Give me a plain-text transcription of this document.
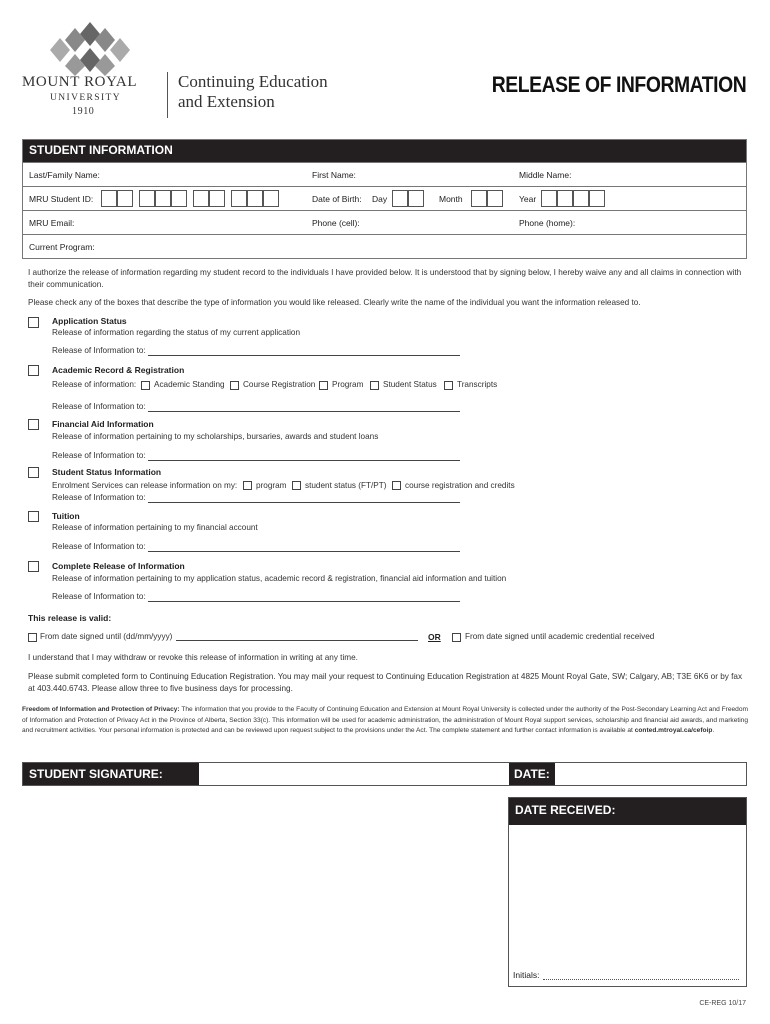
MOUNT ROYAL
UNIVERSITY
1910
Continuing Education
and Extension
RELEASE OF INFORMATION
STUDENT INFORMATION
Last/Family Name:	First Name:	Middle Name:
MRU Student ID:	Date of Birth: Day	Month	Year
MRU Email:	Phone (cell):	Phone (home):
Current Program:
I authorize the release of information regarding my student record to the individuals I have provided below. It is understood that by signing below, I hereby waive any and all claims in connection with their communication.
Please check any of the boxes that describe the type of information you would like released. Clearly write the name of the individual you want the information released to.
Application Status
Release of information regarding the status of my current application
Release of Information to:
Academic Record & Registration
Release of information: Academic Standing Course Registration Program Student Status Transcripts
Release of Information to:
Financial Aid Information
Release of information pertaining to my scholarships, bursaries, awards and student loans
Release of Information to:
Student Status Information
Enrolment Services can release information on my: program student status (FT/PT) course registration and credits
Release of Information to:
Tuition
Release of information pertaining to my financial account
Release of Information to:
Complete Release of Information
Release of information pertaining to my application status, academic record & registration, financial aid information and tuition
Release of Information to:
This release is valid:
From date signed until (dd/mm/yyyy)	OR	From date signed until academic credential received
I understand that I may withdraw or revoke this release of information in writing at any time.
Please submit completed form to Continuing Education Registration. You may mail your request to Continuing Education Registration at 4825 Mount Royal Gate, SW; Calgary, AB; T3E 6K6 or by fax at 403.440.6743. Please allow three to five business days for processing.
Freedom of Information and Protection of Privacy: The information that you provide to the Faculty of Continuing Education and Extension at Mount Royal University is collected under the authority of the Post-Secondary Learning Act and Freedom of Information and Protection of Privacy Act in the Province of Alberta, Section 33(c). This information will be used for academic administration, the administration of Mount Royal support services, scholarship and financial aid awards, and marketing and recruitment activities. Your personal information is protected and can be reviewed upon request subject to the provisions under the Act. The complete statement and further contact information is available at conted.mtroyal.ca/cefoip.
STUDENT SIGNATURE:	DATE:
DATE RECEIVED:
Initials:
CE-REG 10/17
